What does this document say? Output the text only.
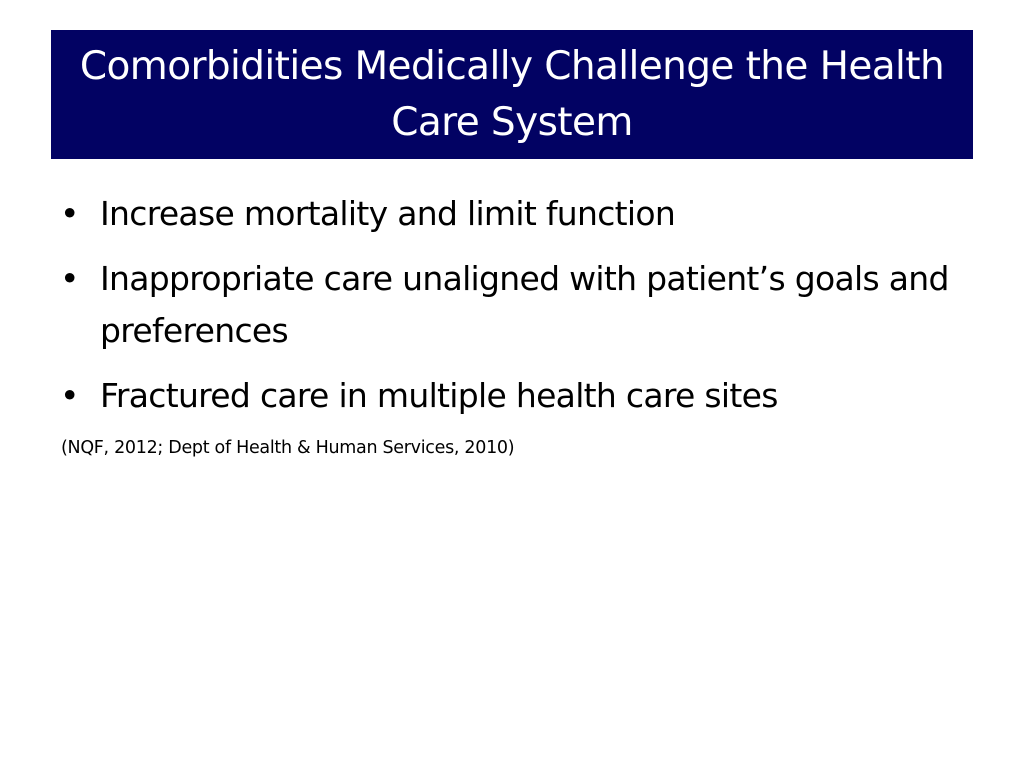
Comorbidities Medically Challenge the Health Care System
• Increase mortality and limit function
• Inappropriate care unaligned with patient’s goals and preferences
• Fractured care in multiple health care sites
(NQF, 2012; Dept of Health & Human Services, 2010)
